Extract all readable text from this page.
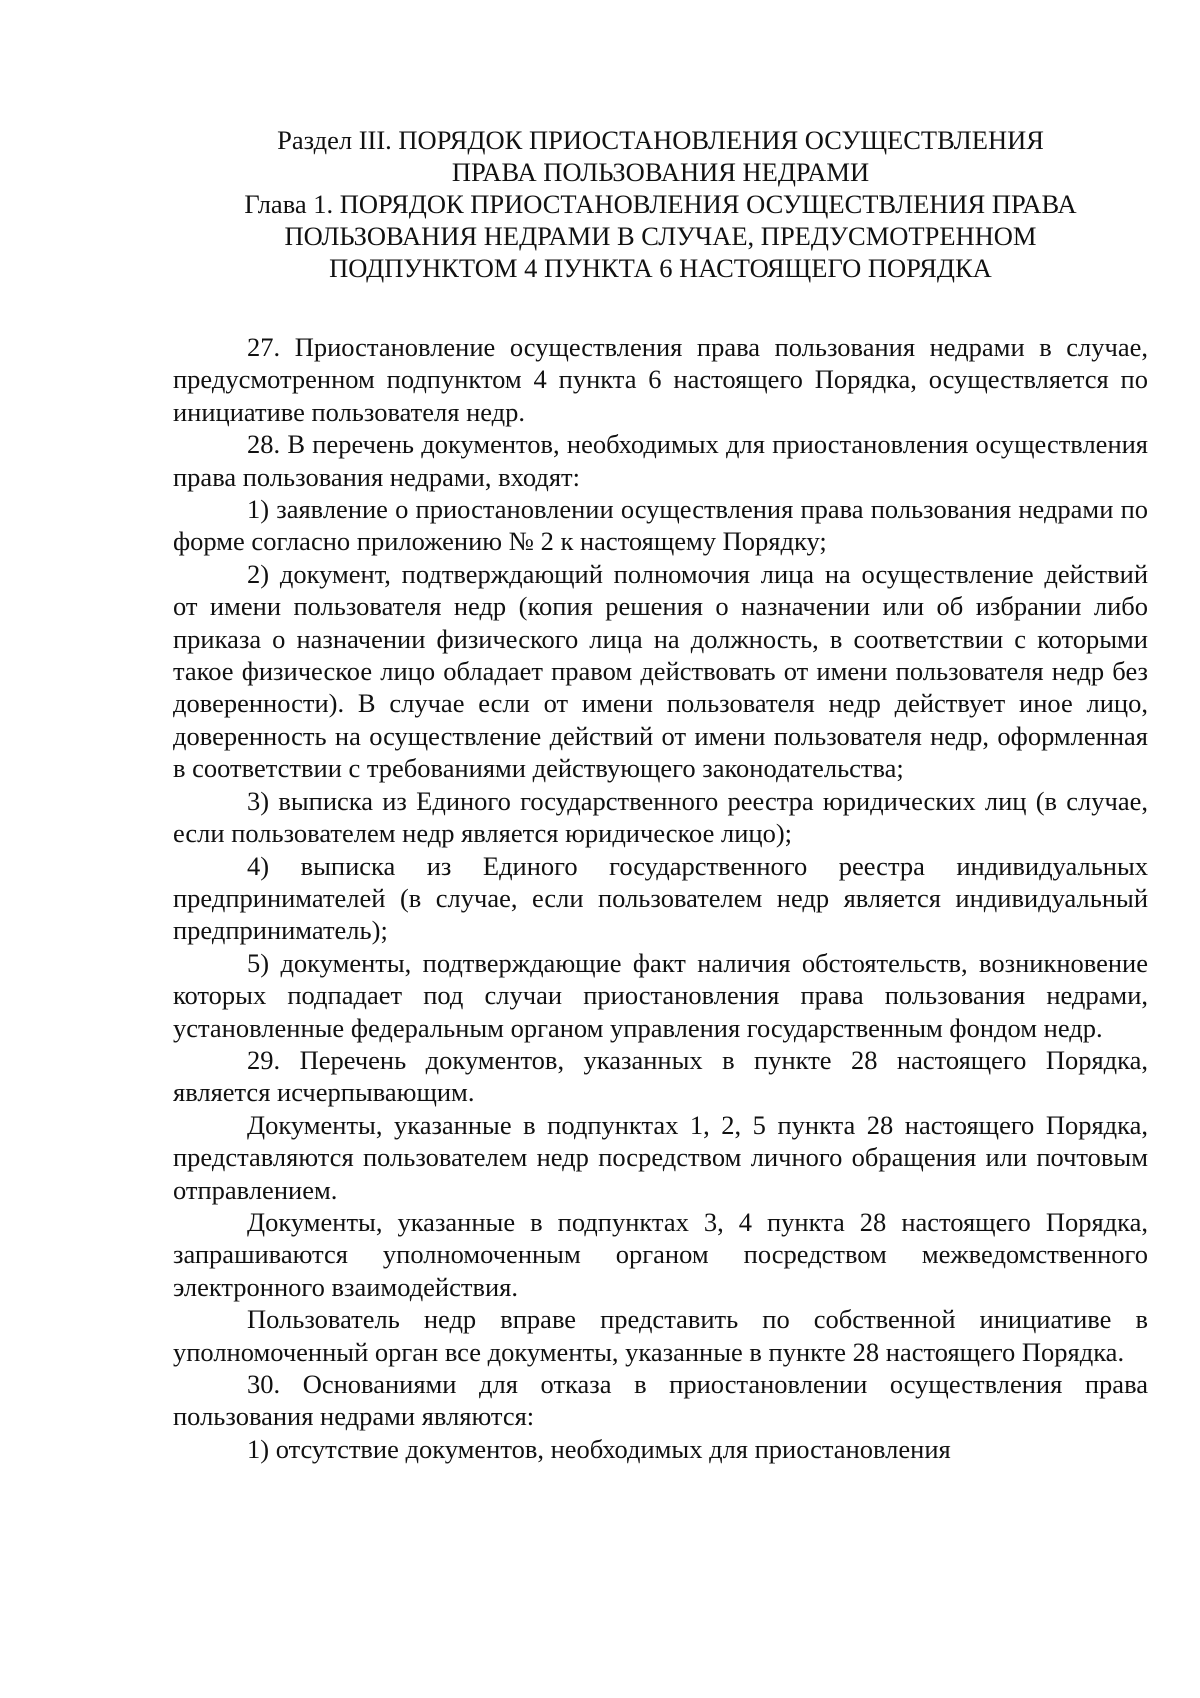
Раздел III. ПОРЯДОК ПРИОСТАНОВЛЕНИЯ ОСУЩЕСТВЛЕНИЯ
ПРАВА ПОЛЬЗОВАНИЯ НЕДРАМИ
Глава 1. ПОРЯДОК ПРИОСТАНОВЛЕНИЯ ОСУЩЕСТВЛЕНИЯ ПРАВА
ПОЛЬЗОВАНИЯ НЕДРАМИ В СЛУЧАЕ, ПРЕДУСМОТРЕННОМ
ПОДПУНКТОМ 4 ПУНКТА 6 НАСТОЯЩЕГО ПОРЯДКА

27. Приостановление осуществления права пользования недрами в случае, предусмотренном подпунктом 4 пункта 6 настоящего Порядка, осуществляется по инициативе пользователя недр.

28. В перечень документов, необходимых для приостановления осуществления права пользования недрами, входят:

1) заявление о приостановлении осуществления права пользования недрами по форме согласно приложению № 2 к настоящему Порядку;

2) документ, подтверждающий полномочия лица на осуществление действий от имени пользователя недр (копия решения о назначении или об избрании либо приказа о назначении физического лица на должность, в соответствии с которыми такое физическое лицо обладает правом действовать от имени пользователя недр без доверенности). В случае если от имени пользователя недр действует иное лицо, доверенность на осуществление действий от имени пользователя недр, оформленная в соответствии с требованиями действующего законодательства;

3) выписка из Единого государственного реестра юридических лиц (в случае, если пользователем недр является юридическое лицо);

4) выписка из Единого государственного реестра индивидуальных предпринимателей (в случае, если пользователем недр является индивидуальный предприниматель);

5) документы, подтверждающие факт наличия обстоятельств, возникновение которых подпадает под случаи приостановления права пользования недрами, установленные федеральным органом управления государственным фондом недр.

29. Перечень документов, указанных в пункте 28 настоящего Порядка, является исчерпывающим.

Документы, указанные в подпунктах 1, 2, 5 пункта 28 настоящего Порядка, представляются пользователем недр посредством личного обращения или почтовым отправлением.

Документы, указанные в подпунктах 3, 4 пункта 28 настоящего Порядка, запрашиваются уполномоченным органом посредством межведомственного электронного взаимодействия.

Пользователь недр вправе представить по собственной инициативе в уполномоченный орган все документы, указанные в пункте 28 настоящего Порядка.

30. Основаниями для отказа в приостановлении осуществления права пользования недрами являются:

1) отсутствие документов, необходимых для приостановления
